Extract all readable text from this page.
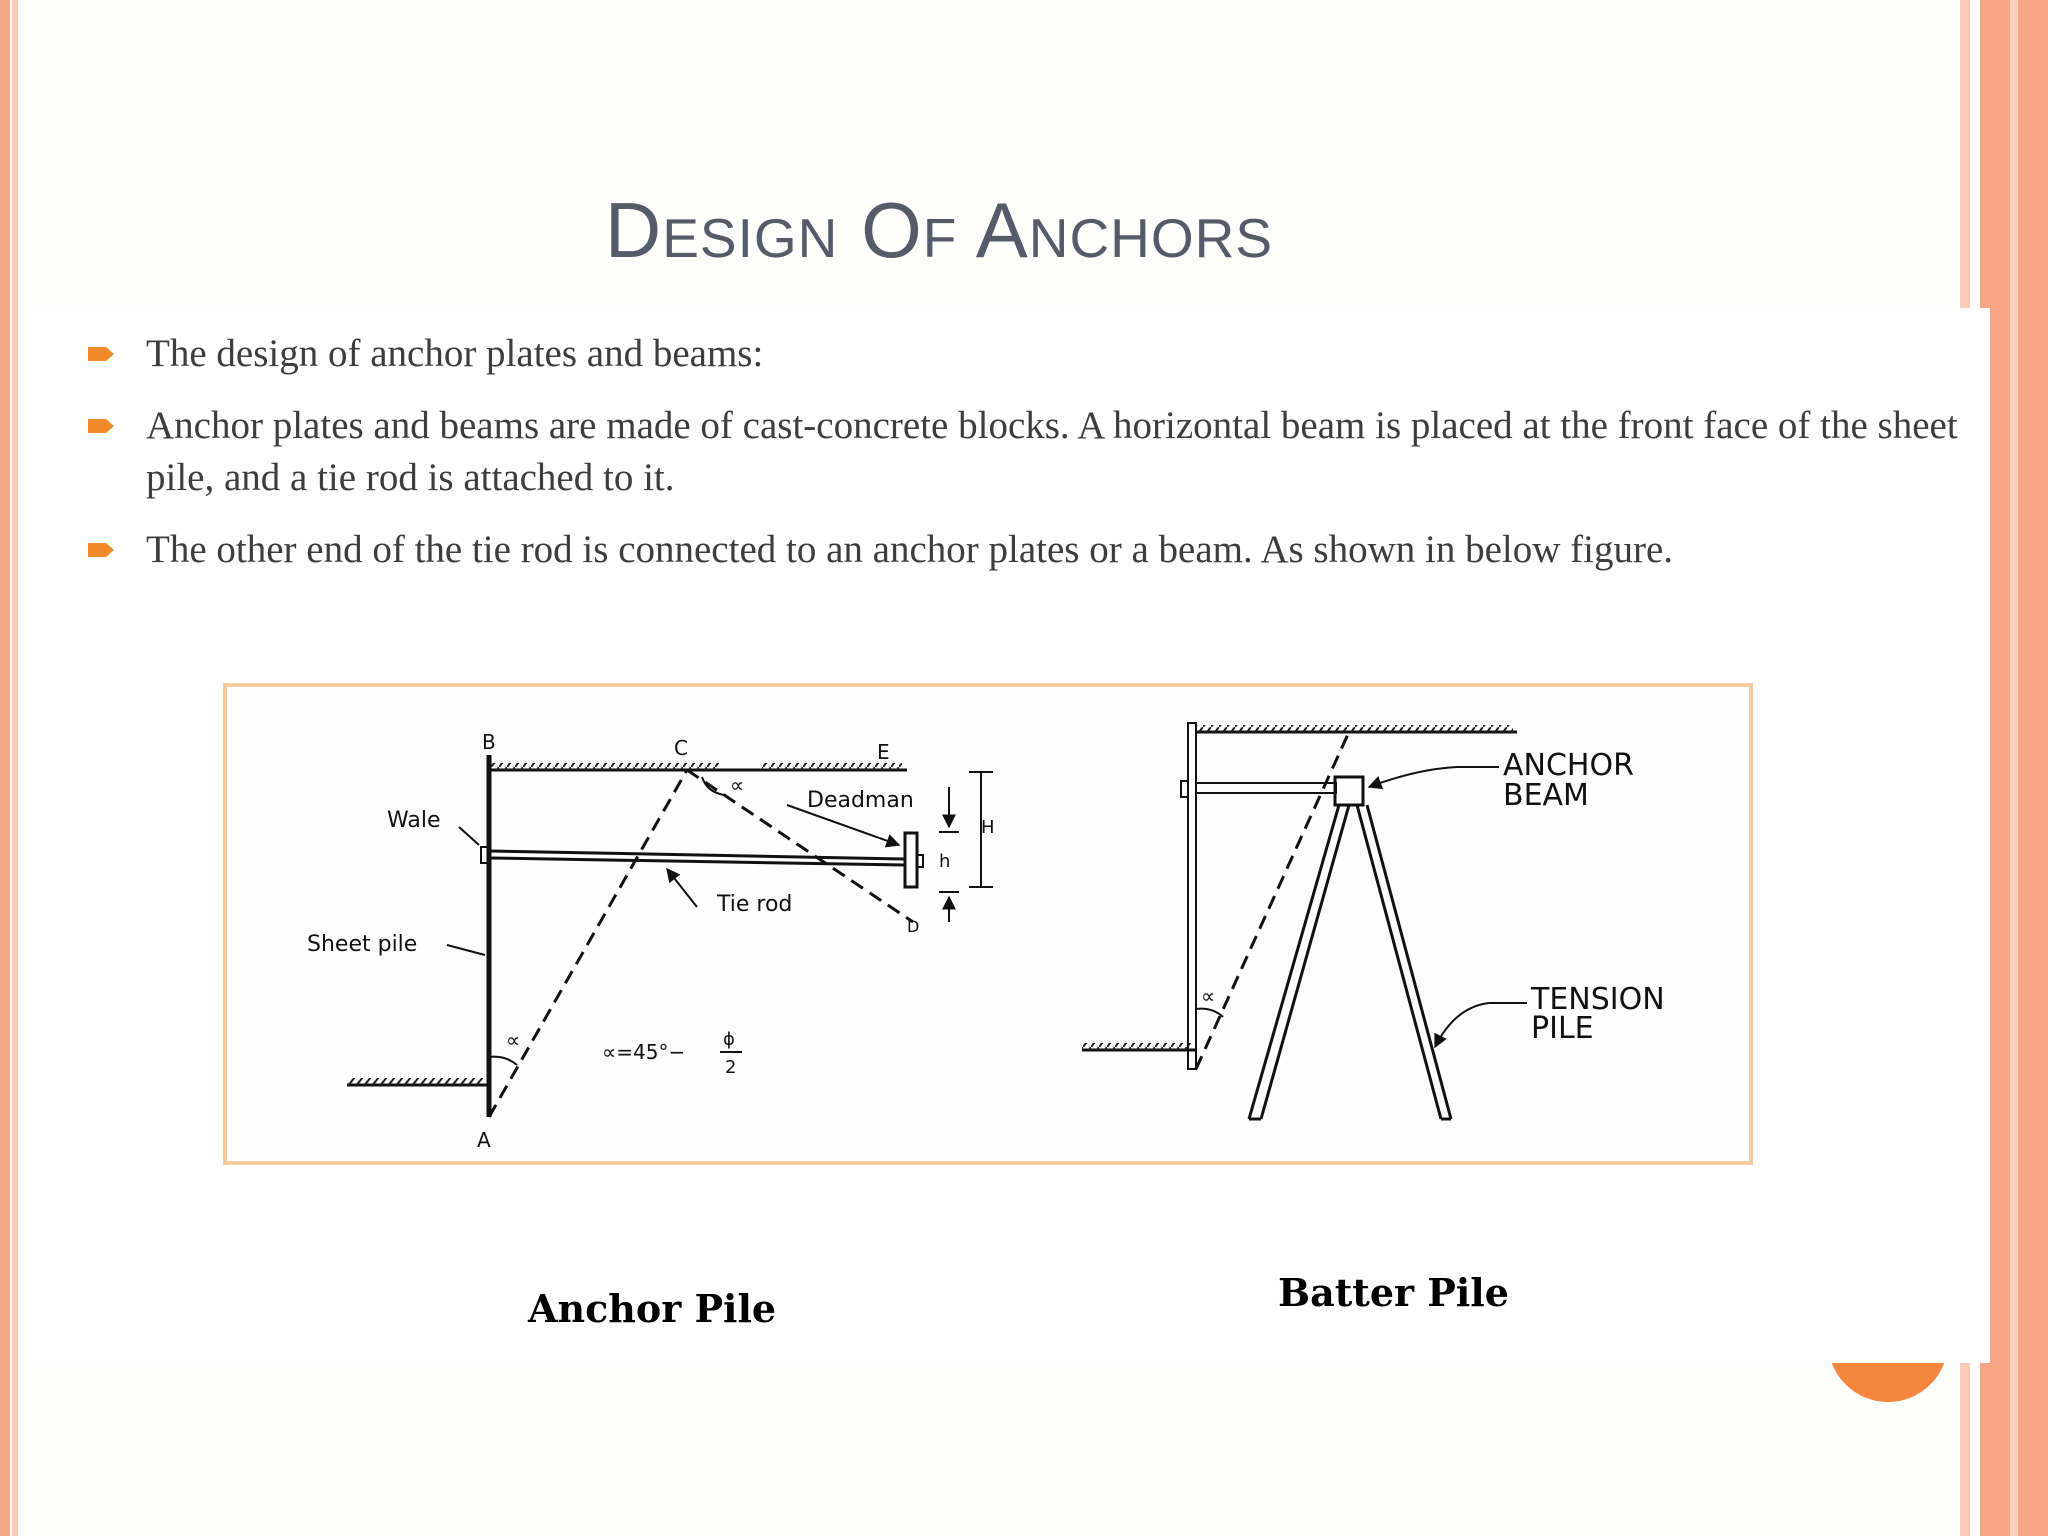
Design Of Anchors
The design of anchor plates and beams:
Anchor plates and beams are made of cast-concrete blocks. A horizontal beam is placed at the front face of the sheet pile, and a tie rod is attached to it.
The other end of the tie rod is connected to an anchor plates or a beam. As shown in below figure.
B	C	E
A
D
Wale
Sheet pile
Deadman
Tie rod
H
h
∝
∝	∝=45°−
ϕ
2
ANCHOR
BEAM
TENSION
PILE
∝
Anchor Pile	Batter Pile
